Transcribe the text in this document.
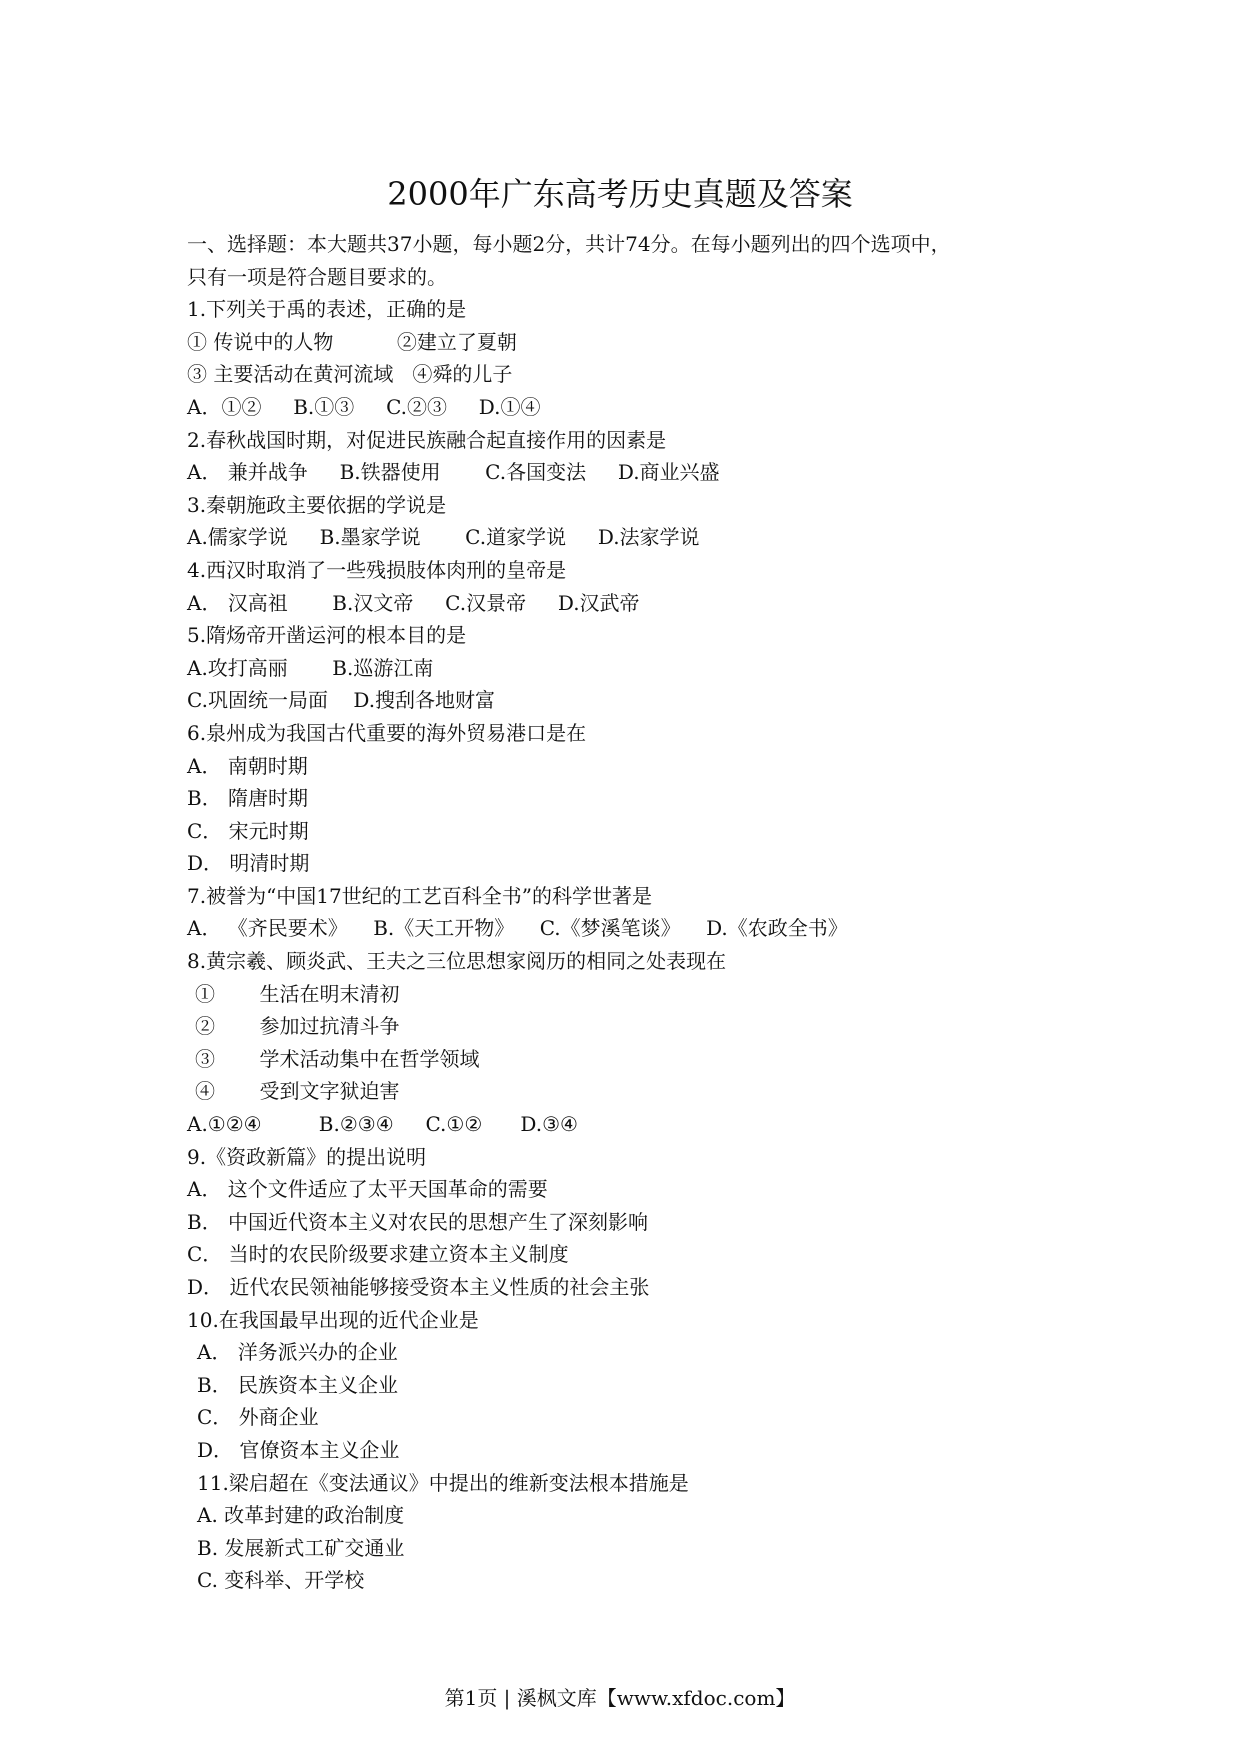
2000年广东高考历史真题及答案
一、选择题：本大题共37小题，每小题2分，共计74分。在每小题列出的四个选项中，
只有一项是符合题目要求的。
1.下列关于禹的表述，正确的是
① 传说中的人物          ②建立了夏朝
③ 主要活动在黄河流域   ④舜的儿子
A．①②     B.①③     C.②③     D.①④
2.春秋战国时期，对促进民族融合起直接作用的因素是
A． 兼并战争     B.铁器使用       C.各国变法     D.商业兴盛
3.秦朝施政主要依据的学说是
A.儒家学说     B.墨家学说       C.道家学说     D.法家学说
4.西汉时取消了一些残损肢体肉刑的皇帝是
A． 汉高祖       B.汉文帝     C.汉景帝     D.汉武帝
5.隋炀帝开凿运河的根本目的是
A.攻打高丽       B.巡游江南
C.巩固统一局面    D.搜刮各地财富
6.泉州成为我国古代重要的海外贸易港口是在
A． 南朝时期
B． 隋唐时期
C． 宋元时期
D． 明清时期
7.被誉为“中国17世纪的工艺百科全书”的科学世著是
A． 《齐民要术》    B.《天工开物》    C.《梦溪笔谈》    D.《农政全书》
8.黄宗羲、顾炎武、王夫之三位思想家阅历的相同之处表现在
①       生活在明末清初
②       参加过抗清斗争
③       学术活动集中在哲学领域
④       受到文字狱迫害
A.①②④         B.②③④     C.①②      D.③④
9.《资政新篇》的提出说明
A． 这个文件适应了太平天国革命的需要
B． 中国近代资本主义对农民的思想产生了深刻影响
C． 当时的农民阶级要求建立资本主义制度
D． 近代农民领袖能够接受资本主义性质的社会主张
10.在我国最早出现的近代企业是
A． 洋务派兴办的企业
B． 民族资本主义企业
C． 外商企业
D． 官僚资本主义企业
11.梁启超在《变法通议》中提出的维新变法根本措施是
A. 改革封建的政治制度
B. 发展新式工矿交通业
C. 变科举、开学校
第1页 | 溪枫文库【www.xfdoc.com】
